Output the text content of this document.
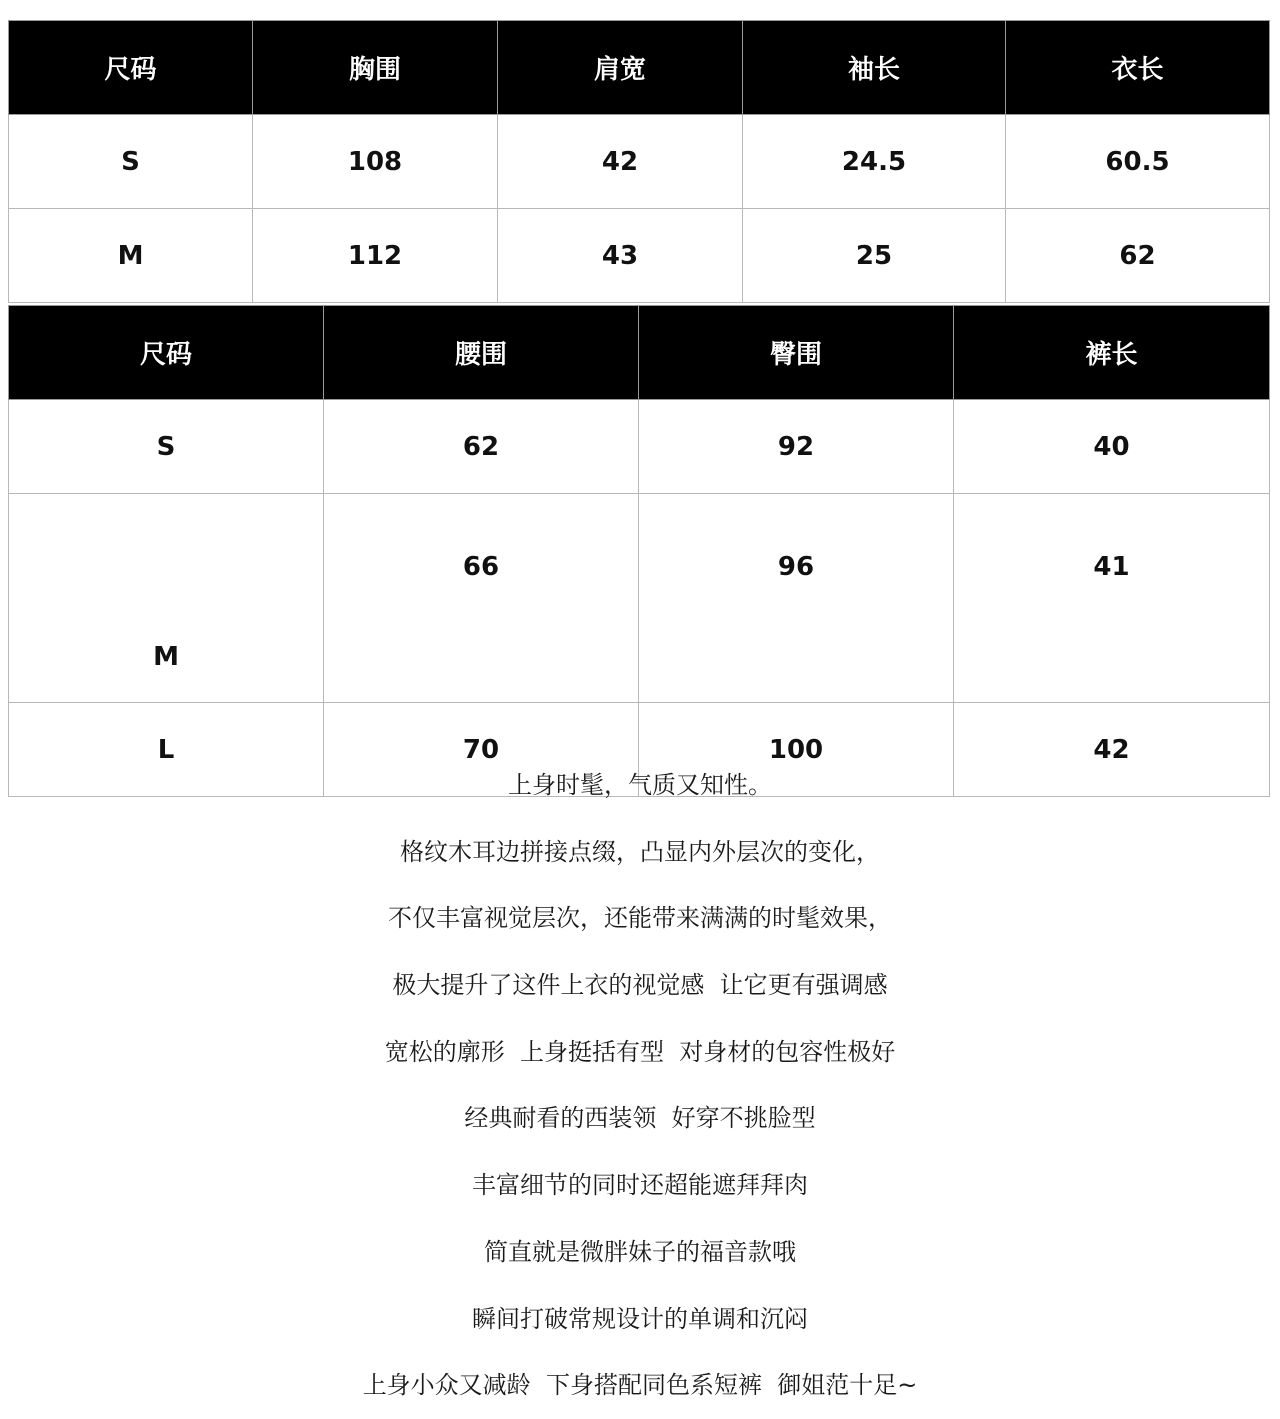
尺码	胸围	肩宽	袖长	衣长
S	108	42	24.5	60.5
M	112	43	25	62
尺码	腰围	臀围	裤长
S	62	92	40
M	66	96	41
L	70	100	42
上身时髦，气质又知性。
格纹木耳边拼接点缀，凸显内外层次的变化，
不仅丰富视觉层次，还能带来满满的时髦效果，
极大提升了这件上衣的视觉感  让它更有强调感
宽松的廓形  上身挺括有型  对身材的包容性极好
经典耐看的西装领  好穿不挑脸型
丰富细节的同时还超能遮拜拜肉
简直就是微胖妹子的福音款哦
瞬间打破常规设计的单调和沉闷
上身小众又减龄  下身搭配同色系短裤  御姐范十足~
